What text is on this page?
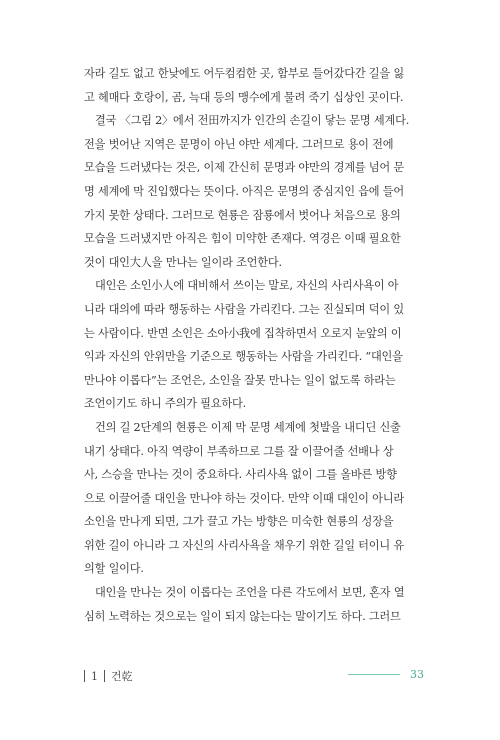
자라 길도 없고 한낮에도 어두컴컴한 곳, 함부로 들어갔다간 길을 잃
고 헤매다 호랑이, 곰, 늑대 등의 맹수에게 물려 죽기 십상인 곳이다.

결국 〈그림 2〉에서 전田까지가 인간의 손길이 닿는 문명 세계다.
전을 벗어난 지역은 문명이 아닌 야만 세계다. 그러므로 용이 전에
모습을 드러냈다는 것은, 이제 간신히 문명과 야만의 경계를 넘어 문
명 세계에 막 진입했다는 뜻이다. 아직은 문명의 중심지인 읍에 들어
가지 못한 상태다. 그러므로 현룡은 잠룡에서 벗어나 처음으로 용의
모습을 드러냈지만 아직은 힘이 미약한 존재다. 역경은 이때 필요한
것이 대인大人을 만나는 일이라 조언한다.

대인은 소인小人에 대비해서 쓰이는 말로, 자신의 사리사욕이 아
니라 대의에 따라 행동하는 사람을 가리킨다. 그는 진실되며 덕이 있
는 사람이다. 반면 소인은 소아小我에 집착하면서 오로지 눈앞의 이
익과 자신의 안위만을 기준으로 행동하는 사람을 가리킨다. “대인을
만나야 이롭다”는 조언은, 소인을 잘못 만나는 일이 없도록 하라는
조언이기도 하니 주의가 필요하다.

건의 길 2단계의 현룡은 이제 막 문명 세계에 첫발을 내디딘 신출
내기 상태다. 아직 역량이 부족하므로 그를 잘 이끌어줄 선배나 상
사, 스승을 만나는 것이 중요하다. 사리사욕 없이 그를 올바른 방향
으로 이끌어줄 대인을 만나야 하는 것이다. 만약 이때 대인이 아니라
소인을 만나게 되면, 그가 끌고 가는 방향은 미숙한 현룡의 성장을
위한 길이 아니라 그 자신의 사리사욕을 채우기 위한 길일 터이니 유
의할 일이다.

대인을 만나는 것이 이롭다는 조언을 다른 각도에서 보면, 혼자 열
심히 노력하는 것으로는 일이 되지 않는다는 말이기도 하다. 그러므

1 건乾	33
